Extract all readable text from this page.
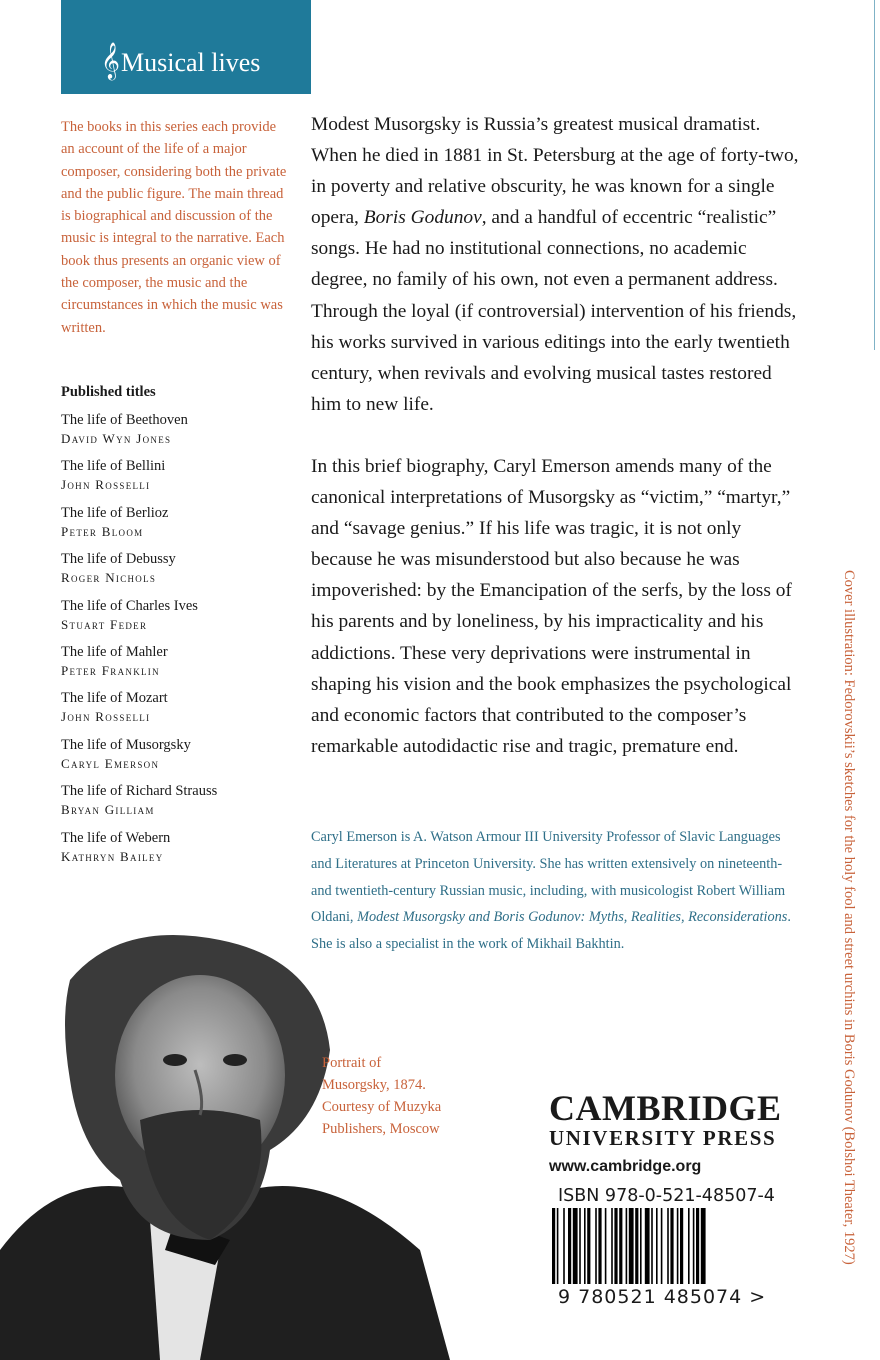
𝄞 Musical lives
The books in this series each provide an account of the life of a major composer, considering both the private and the public figure. The main thread is biographical and discussion of the music is integral to the narrative. Each book thus presents an organic view of the composer, the music and the circumstances in which the music was written.
Published titles
The life of Beethoven
David Wyn Jones
The life of Bellini
John Rosselli
The life of Berlioz
Peter Bloom
The life of Debussy
Roger Nichols
The life of Charles Ives
Stuart Feder
The life of Mahler
Peter Franklin
The life of Mozart
John Rosselli
The life of Musorgsky
Caryl Emerson
The life of Richard Strauss
Bryan Gilliam
The life of Webern
Kathryn Bailey

Modest Musorgsky is Russia’s greatest musical dramatist. When he died in 1881 in St. Petersburg at the age of forty-two, in poverty and relative obscurity, he was known for a single opera, Boris Godunov, and a handful of eccentric “realistic” songs. He had no institutional connections, no academic degree, no family of his own, not even a permanent address. Through the loyal (if controversial) intervention of his friends, his works survived in various editings into the early twentieth century, when revivals and evolving musical tastes restored him to new life.

In this brief biography, Caryl Emerson amends many of the canonical interpretations of Musorgsky as “victim,” “martyr,” and “savage genius.” If his life was tragic, it is not only because he was misunderstood but also because he was impoverished: by the Emancipation of the serfs, by the loss of his parents and by loneliness, by his impracticality and his addictions. These very deprivations were instrumental in shaping his vision and the book emphasizes the psychological and economic factors that contributed to the composer’s remarkable autodidactic rise and tragic, premature end.

Caryl Emerson is A. Watson Armour III University Professor of Slavic Languages and Literatures at Princeton University. She has written extensively on nineteenth- and twentieth-century Russian music, including, with musicologist Robert William Oldani, Modest Musorgsky and Boris Godunov: Myths, Realities, Reconsiderations. She is also a specialist in the work of Mikhail Bakhtin.
Portrait of
Musorgsky, 1874.
Courtesy of Muzyka
Publishers, Moscow	Cover illustration: Fedorovskii’s sketches for the holy fool and street urchins in Boris Godunov (Bolshoi Theater, 1927)
CAMBRIDGE
UNIVERSITY PRESS
www.cambridge.org
ISBN 978-0-521-48507-4
9 780521 485074 >
